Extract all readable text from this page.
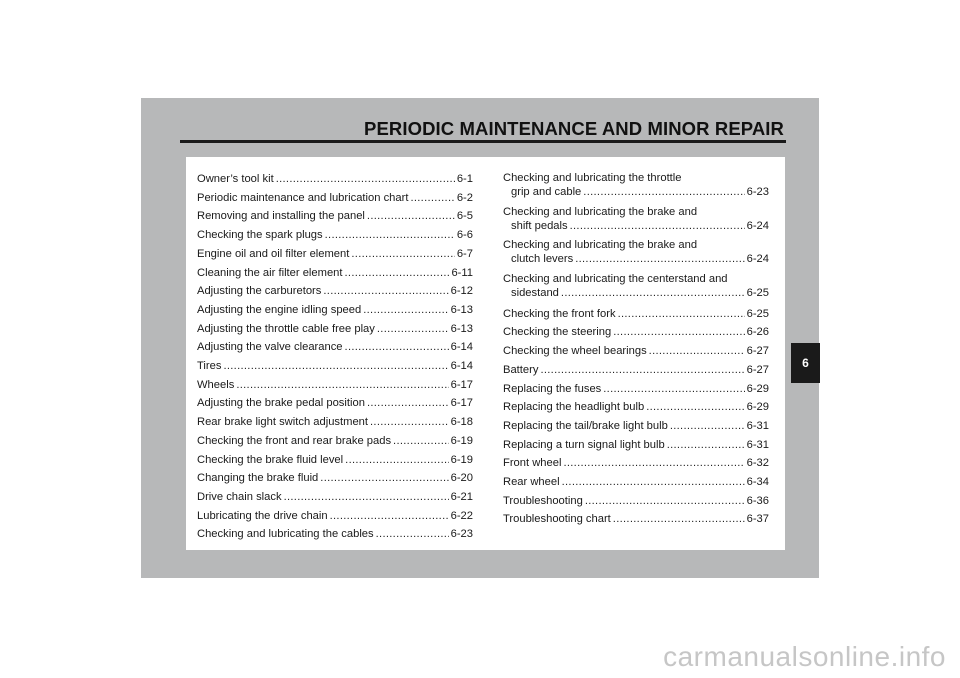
PERIODIC MAINTENANCE AND MINOR REPAIR
Owner’s tool kit .....	6-1
Periodic maintenance and lubrication chart .....	6-2
Removing and installing the panel .....	6-5
Checking the spark plugs .....	6-6
Engine oil and oil filter element .....	6-7
Cleaning the air filter element .....	6-11
Adjusting the carburetors .....	6-12
Adjusting the engine idling speed .....	6-13
Adjusting the throttle cable free play .....	6-13
Adjusting the valve clearance .....	6-14
Tires .....	6-14
Wheels .....	6-17
Adjusting the brake pedal position .....	6-17
Rear brake light switch adjustment .....	6-18
Checking the front and rear brake pads .....	6-19
Checking the brake fluid level .....	6-19
Changing the brake fluid .....	6-20
Drive chain slack .....	6-21
Lubricating the drive chain .....	6-22
Checking and lubricating the cables .....	6-23
Checking and lubricating the throttle
grip and cable .....	6-23
Checking and lubricating the brake and
shift pedals .....	6-24
Checking and lubricating the brake and
clutch levers .....	6-24
Checking and lubricating the centerstand and
sidestand .....	6-25
Checking the front fork .....	6-25
Checking the steering .....	6-26
Checking the wheel bearings .....	6-27
Battery .....	6-27
Replacing the fuses .....	6-29
Replacing the headlight bulb .....	6-29
Replacing the tail/brake light bulb .....	6-31
Replacing a turn signal light bulb .....	6-31
Front wheel .....	6-32
Rear wheel .....	6-34
Troubleshooting .....	6-36
Troubleshooting chart .....	6-37
6
carmanualsonline.info
